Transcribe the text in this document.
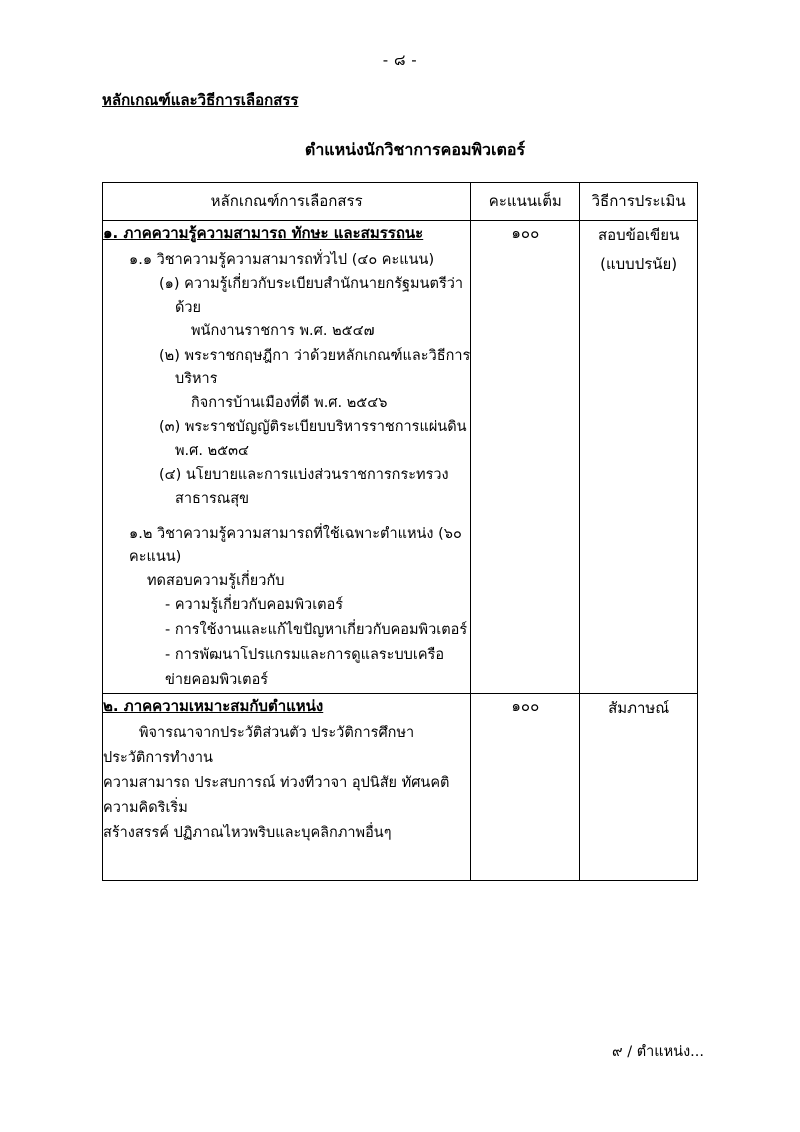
- ๘ -
หลักเกณฑ์และวิธีการเลือกสรร
ตำแหน่งนักวิชาการคอมพิวเตอร์
หลักเกณฑ์การเลือกสรร	คะแนนเต็ม	วิธีการประเมิน

๑. ภาคความรู้ความสามารถ ทักษะ และสมรรถนะ
๑.๑ วิชาความรู้ความสามารถทั่วไป (๔๐ คะแนน)
(๑) ความรู้เกี่ยวกับระเบียบสำนักนายกรัฐมนตรีว่าด้วย
พนักงานราชการ พ.ศ. ๒๕๔๗
(๒) พระราชกฤษฎีกา ว่าด้วยหลักเกณฑ์และวิธีการบริหาร
กิจการบ้านเมืองที่ดี พ.ศ. ๒๕๔๖
(๓) พระราชบัญญัติระเบียบบริหารราชการแผ่นดิน พ.ศ. ๒๕๓๔
(๔) นโยบายและการแบ่งส่วนราชการกระทรวงสาธารณสุข
๑.๒ วิชาความรู้ความสามารถที่ใช้เฉพาะตำแหน่ง (๖๐ คะแนน)
ทดสอบความรู้เกี่ยวกับ
- ความรู้เกี่ยวกับคอมพิวเตอร์
- การใช้งานและแก้ไขปัญหาเกี่ยวกับคอมพิวเตอร์
- การพัฒนาโปรแกรมและการดูแลระบบเครือข่ายคอมพิวเตอร์
	๑๐๐	สอบข้อเขียน
(แบบปรนัย)

๒. ภาคความเหมาะสมกับตำแหน่ง
พิจารณาจากประวัติส่วนตัว ประวัติการศึกษา ประวัติการทำงาน
ความสามารถ ประสบการณ์ ท่วงทีวาจา อุปนิสัย ทัศนคติ ความคิดริเริ่ม
สร้างสรรค์ ปฏิภาณไหวพริบและบุคลิกภาพอื่นๆ	๑๐๐	สัมภาษณ์
๙ / ตำแหน่ง...
